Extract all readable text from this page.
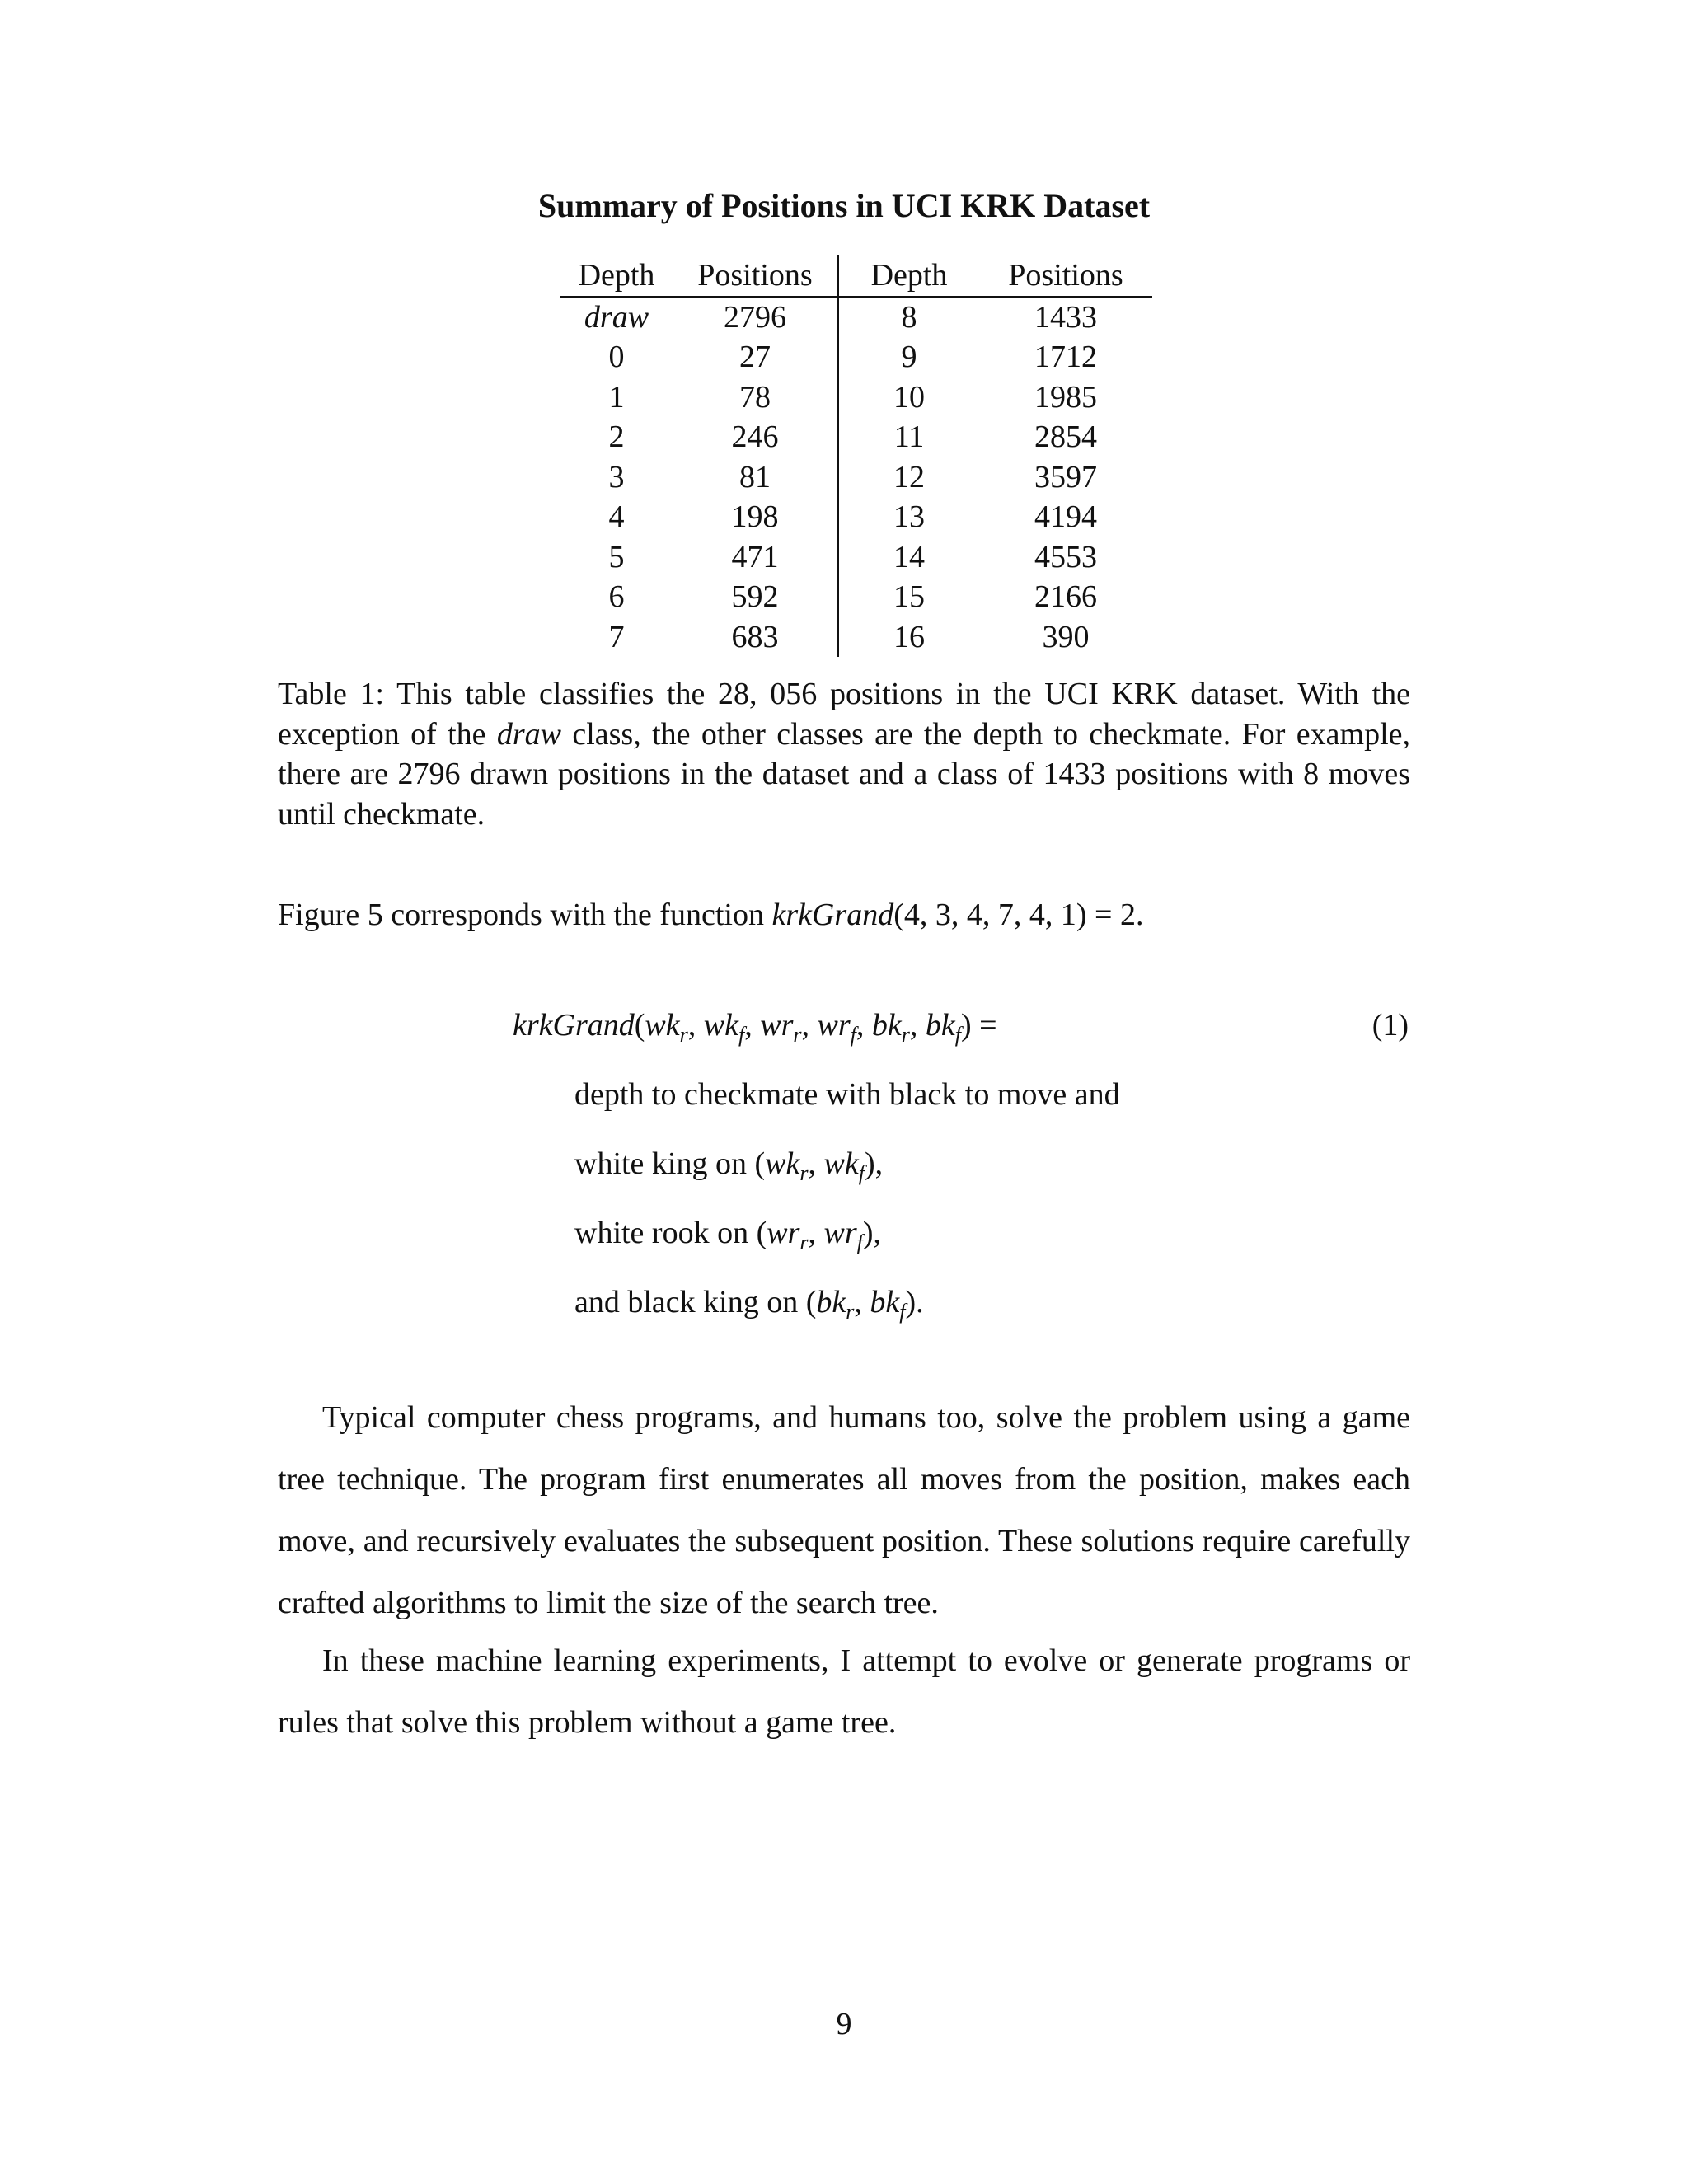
Summary of Positions in UCI KRK Dataset
Depth	Positions	Depth	Positions
draw	2796	8	1433
0	27	9	1712
1	78	10	1985
2	246	11	2854
3	81	12	3597
4	198	13	4194
5	471	14	4553
6	592	15	2166
7	683	16	390
Table 1: This table classifies the 28, 056 positions in the UCI KRK dataset. With the exception of the draw class, the other classes are the depth to checkmate. For example, there are 2796 drawn positions in the dataset and a class of 1433 positions with 8 moves until checkmate.
Figure 5 corresponds with the function krkGrand(4, 3, 4, 7, 4, 1) = 2.
$krkGrand(wk_r$, $wk_f$, $wr_r$, $wr_f$, $bk_r$, $bk_f$) =	(1)
depth to checkmate with black to move and
white king on ($wk_r$, $wk_f$),
white rook on ($wr_r$, $wr_f$),
and black king on ($bk_r$, $bk_f$).
Typical computer chess programs, and humans too, solve the problem using a game tree technique. The program first enumerates all moves from the position, makes each move, and recursively evaluates the subsequent position. These solutions require carefully crafted algorithms to limit the size of the search tree.
In these machine learning experiments, I attempt to evolve or generate programs or rules that solve this problem without a game tree.
9
